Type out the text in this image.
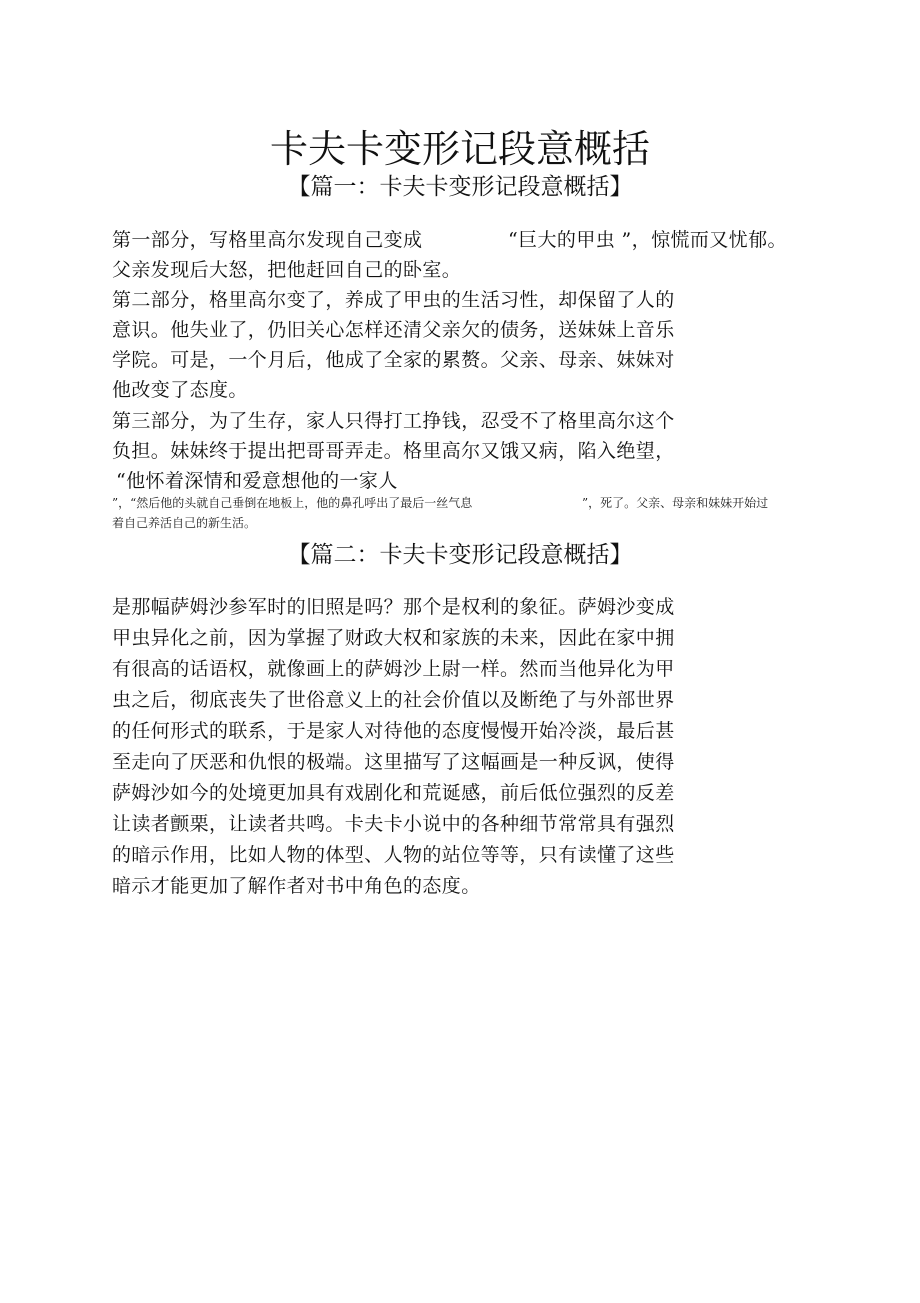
卡夫卡变形记段意概括
【篇一：卡夫卡变形记段意概括】
第一部分，写格里高尔发现自己变成	“巨大的甲虫 ”，惊慌而又忧郁。
父亲发现后大怒，把他赶回自己的卧室。
第二部分，格里高尔变了，养成了甲虫的生活习性，却保留了人的
意识。他失业了，仍旧关心怎样还清父亲欠的债务，送妹妹上音乐
学院。可是，一个月后，他成了全家的累赘。父亲、母亲、妹妹对
他改变了态度。
第三部分，为了生存，家人只得打工挣钱，忍受不了格里高尔这个
负担。妹妹终于提出把哥哥弄走。格里高尔又饿又病，陷入绝望，
“他怀着深情和爱意想他的一家人
”，“然后他的头就自己垂倒在地板上，他的鼻孔呼出了最后一丝气息	”，死了。父亲、母亲和妹妹开始过
着自己养活自己的新生活。
【篇二：卡夫卡变形记段意概括】
是那幅萨姆沙参军时的旧照是吗？那个是权利的象征。萨姆沙变成
甲虫异化之前，因为掌握了财政大权和家族的未来，因此在家中拥
有很高的话语权，就像画上的萨姆沙上尉一样。然而当他异化为甲
虫之后，彻底丧失了世俗意义上的社会价值以及断绝了与外部世界
的任何形式的联系，于是家人对待他的态度慢慢开始冷淡，最后甚
至走向了厌恶和仇恨的极端。这里描写了这幅画是一种反讽，使得
萨姆沙如今的处境更加具有戏剧化和荒诞感，前后低位强烈的反差
让读者颤栗，让读者共鸣。卡夫卡小说中的各种细节常常具有强烈
的暗示作用，比如人物的体型、人物的站位等等，只有读懂了这些
暗示才能更加了解作者对书中角色的态度。
